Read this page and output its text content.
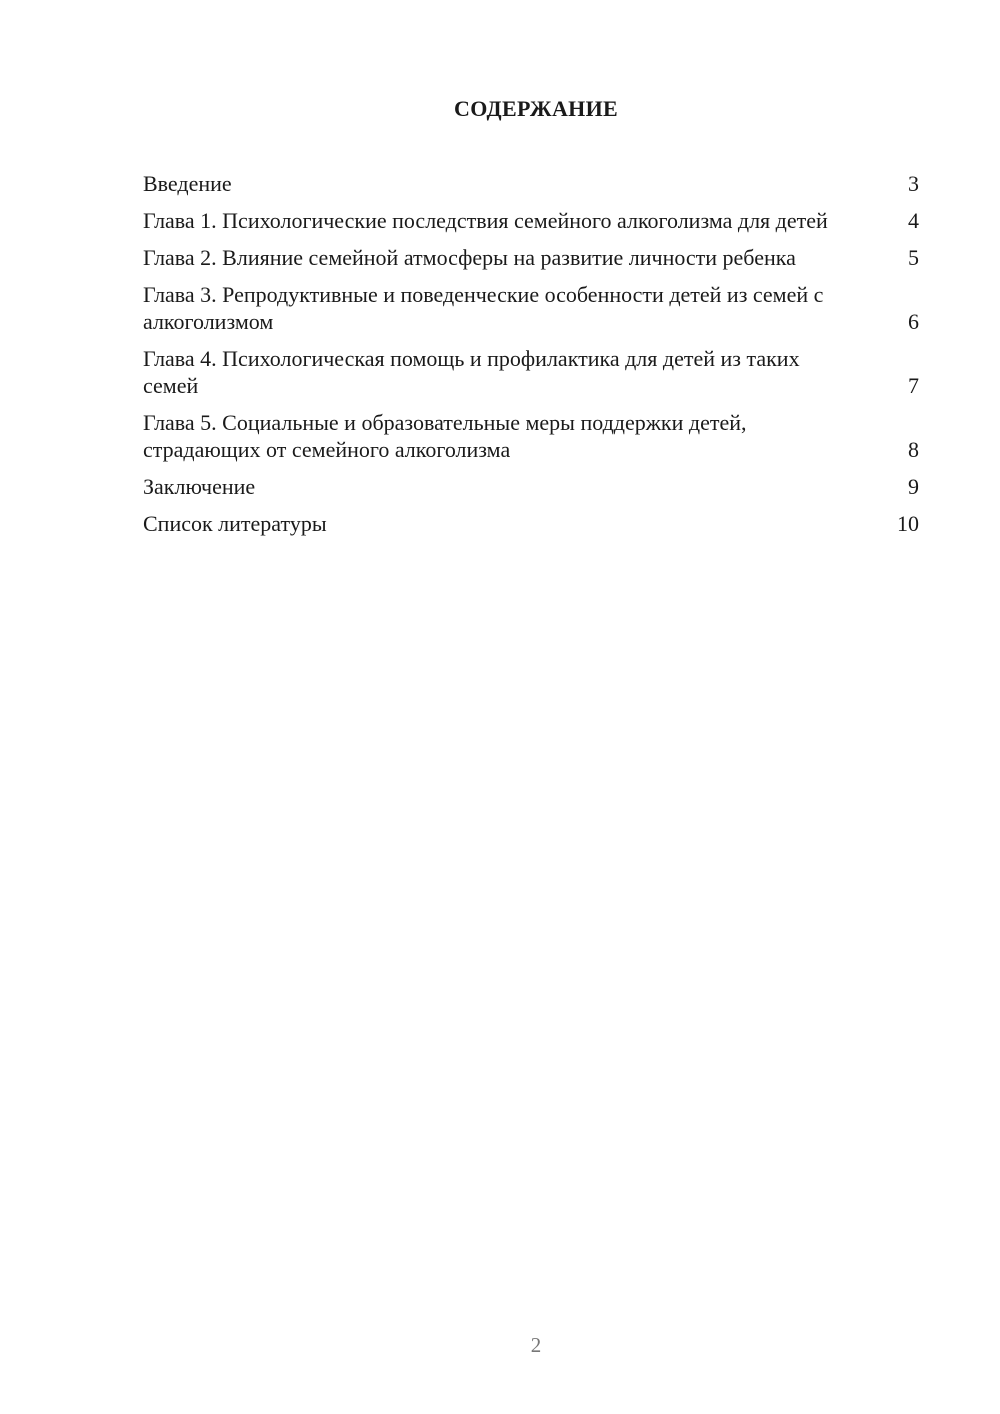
СОДЕРЖАНИЕ
Введение	3
Глава 1. Психологические последствия семейного алкоголизма для детей	4
Глава 2. Влияние семейной атмосферы на развитие личности ребенка	5
Глава 3. Репродуктивные и поведенческие особенности детей из семей с алкоголизмом	6
Глава 4. Психологическая помощь и профилактика для детей из таких семей	7
Глава 5. Социальные и образовательные меры поддержки детей, страдающих от семейного алкоголизма	8
Заключение	9
Список литературы	10
2
